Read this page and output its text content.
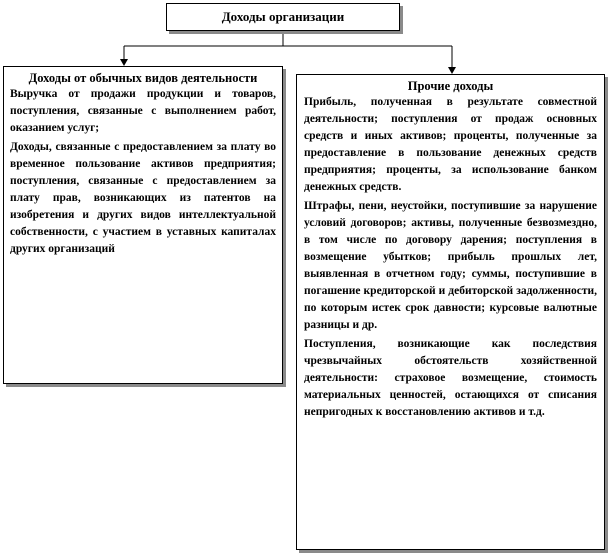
Доходы организации
Доходы от обычных видов деятельности

Выручка от продажи продукции и товаров, поступления, связанные с выполнением работ, оказанием услуг;

Доходы, связанные с предоставлением за плату во временное пользование активов предприятия; поступления, связанные с предоставлением за плату прав, возникающих из патентов на изобретения и других видов интеллектуальной собственности, с участием в уставных капиталах других организаций

Прочие доходы

Прибыль, полученная в результате совместной деятельности; поступления от продаж основных средств и иных активов; проценты, полученные за предоставление в пользование денежных средств предприятия; проценты, за использование банком денежных средств.

Штрафы, пени, неустойки, поступившие за нарушение условий договоров; активы, полученные безвозмездно, в том числе по договору дарения; поступления в возмещение убытков; прибыль прошлых лет, выявленная в отчетном году; суммы, поступившие в погашение кредиторской и дебиторской задолженности, по которым истек срок давности; курсовые валютные разницы и др.

Поступления, возникающие как последствия чрезвычайных обстоятельств хозяйственной деятельности: страховое возмещение, стоимость материальных ценностей, остающихся от списания непригодных к восстановлению активов и т.д.
